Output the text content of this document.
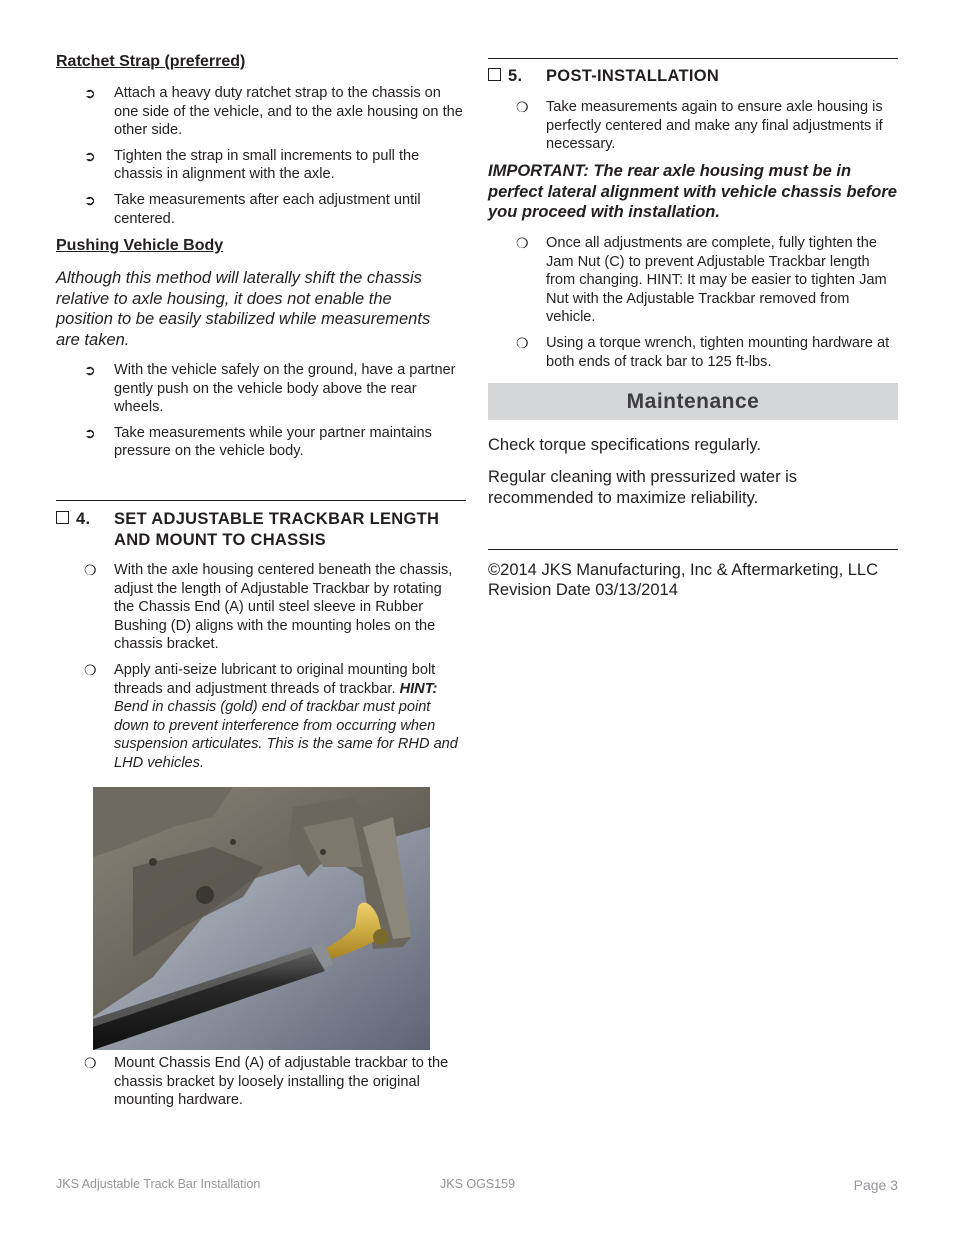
Ratchet Strap (preferred)
➲	Attach a heavy duty ratchet strap to the chassis on one side of the vehicle, and to the axle housing on the other side.
➲	Tighten the strap in small increments to pull the chassis in alignment with the axle.
➲	Take measurements after each adjustment until centered.
Pushing Vehicle Body

Although this method will laterally shift the chassis relative to axle housing, it does not enable the position to be easily stabilized while measurements are taken.

➲	With the vehicle safely on the ground, have a partner gently push on the vehicle body above the rear wheels.
➲	Take measurements while your partner maintains pressure on the vehicle body.
4. SET ADJUSTABLE TRACKBAR LENGTH AND MOUNT TO CHASSIS
❍	With the axle housing centered beneath the chassis, adjust the length of Adjustable Trackbar by rotating the Chassis End (A) until steel sleeve in Rubber Bushing (D) aligns with the mounting holes on the chassis bracket.
❍	Apply anti-seize lubricant to original mounting bolt threads and adjustment threads of trackbar. HINT: Bend in chassis (gold) end of trackbar must point down to prevent interference from occurring when suspension articulates. This is the same for RHD and LHD vehicles.
❍	Mount Chassis End (A) of adjustable trackbar to the chassis bracket by loosely installing the original mounting hardware.
5. POST-INSTALLATION
❍	Take measurements again to ensure axle housing is perfectly centered and make any final adjustments if necessary.

IMPORTANT: The rear axle housing must be in perfect lateral alignment with vehicle chassis before you proceed with installation.

❍	Once all adjustments are complete, fully tighten the Jam Nut (C) to prevent Adjustable Trackbar length from changing. HINT: It may be easier to tighten Jam Nut with the Adjustable Trackbar removed from vehicle.
❍	Using a torque wrench, tighten mounting hardware at both ends of track bar to 125 ft-lbs.
Maintenance

Check torque specifications regularly.

Regular cleaning with pressurized water is recommended to maximize reliability.

©2014 JKS Manufacturing, Inc & Aftermarketing, LLC

Revision Date 03/13/2014

JKS Adjustable Track Bar Installation	JKS OGS159	Page 3
